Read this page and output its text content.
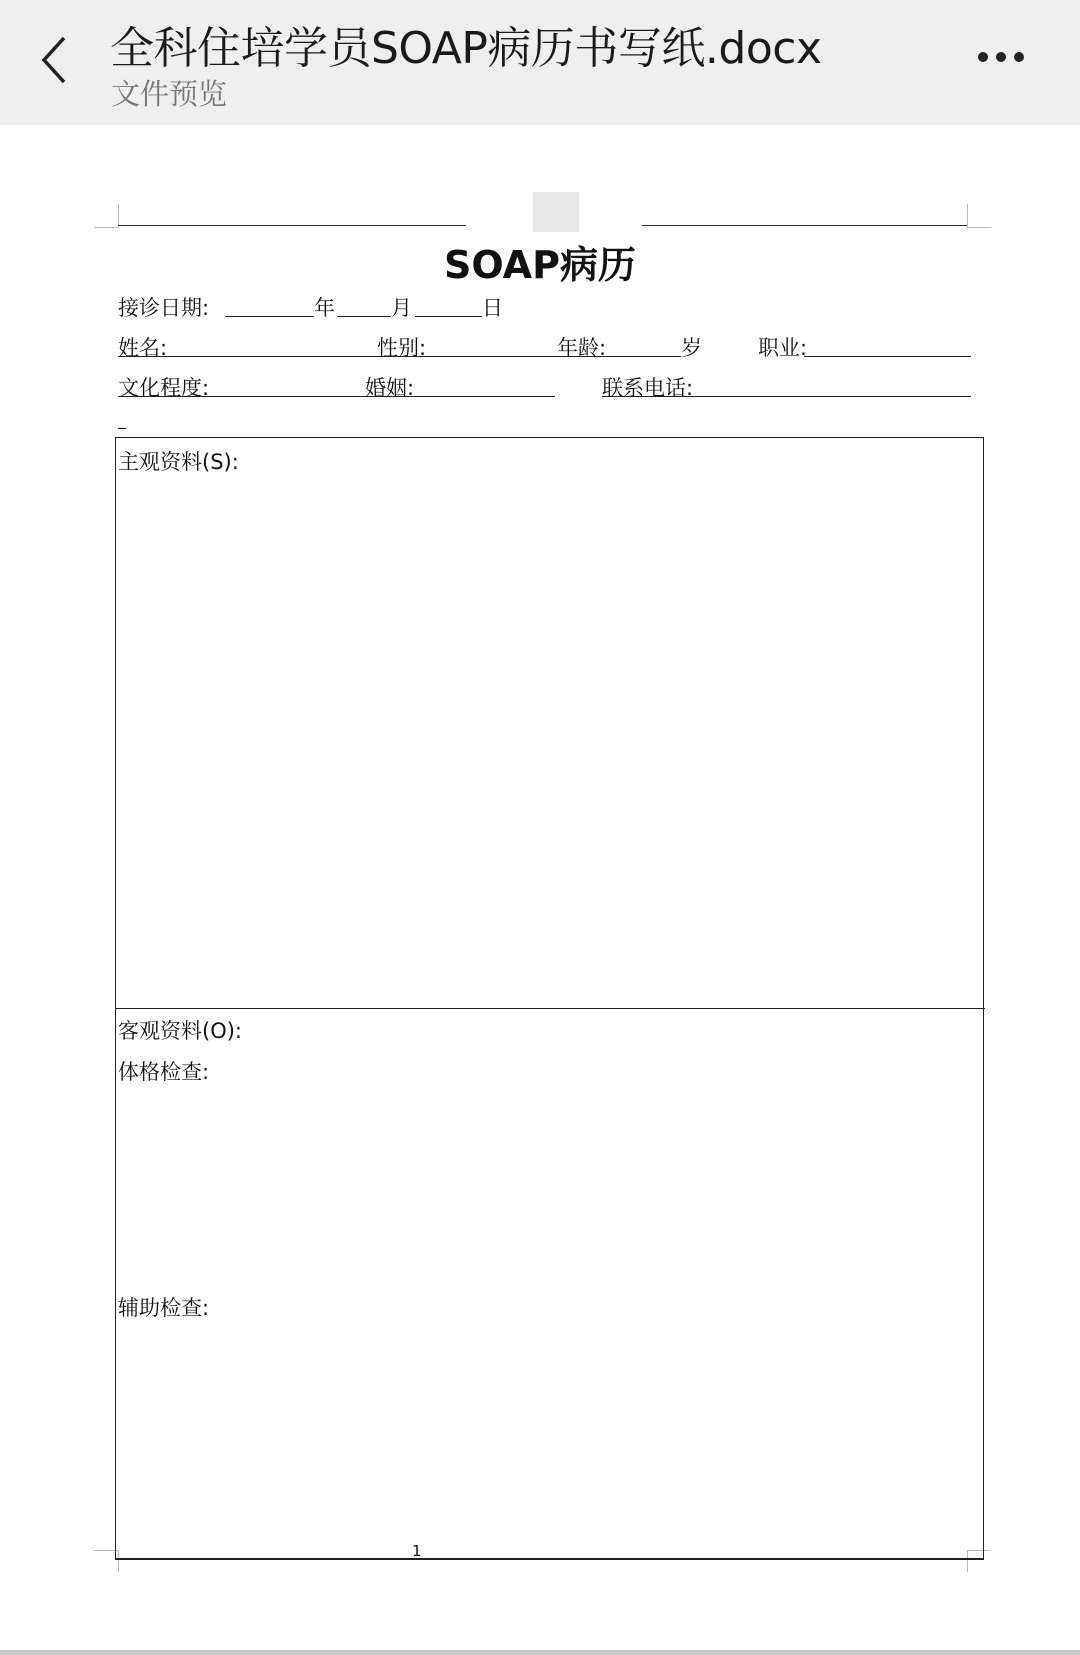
全科住培学员SOAP病历书写纸.docx
文件预览
SOAP病历
接诊日期:	年	月	日
姓名:	性别:	年龄:	岁	职业:
文化程度:	婚姻:	联系电话:
_
主观资料(S):
客观资料(O):
体格检查:
辅助检查:
1
